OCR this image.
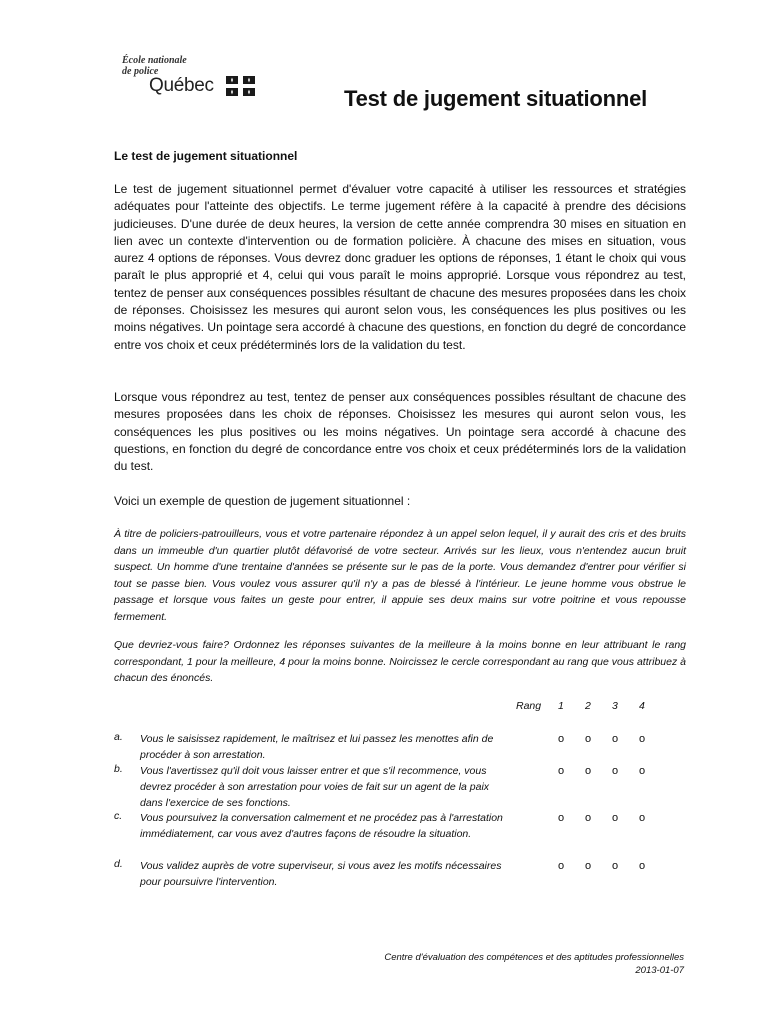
École nationale
de police
Québec
Test de jugement situationnel
Le test de jugement situationnel
Le test de jugement situationnel permet d'évaluer votre capacité à utiliser les ressources et stratégies adéquates pour l'atteinte des objectifs. Le terme jugement réfère à la capacité à prendre des décisions judicieuses. D'une durée de deux heures, la version de cette année comprendra 30 mises en situation en lien avec un contexte d'intervention ou de formation policière. À chacune des mises en situation, vous aurez 4 options de réponses. Vous devrez donc graduer les options de réponses, 1 étant le choix qui vous paraît le plus approprié et 4, celui qui vous paraît le moins approprié. Lorsque vous répondrez au test, tentez de penser aux conséquences possibles résultant de chacune des mesures proposées dans les choix de réponses. Choisissez les mesures qui auront selon vous, les conséquences les plus positives ou les moins négatives. Un pointage sera accordé à chacune des questions, en fonction du degré de concordance entre vos choix et ceux prédéterminés lors de la validation du test.
Lorsque vous répondrez au test, tentez de penser aux conséquences possibles résultant de chacune des mesures proposées dans les choix de réponses. Choisissez les mesures qui auront selon vous, les conséquences les plus positives ou les moins négatives. Un pointage sera accordé à chacune des questions, en fonction du degré de concordance entre vos choix et ceux prédéterminés lors de la validation du test.
Voici un exemple de question de jugement situationnel :
À titre de policiers-patrouilleurs, vous et votre partenaire répondez à un appel selon lequel, il y aurait des cris et des bruits dans un immeuble d'un quartier plutôt défavorisé de votre secteur. Arrivés sur les lieux, vous n'entendez aucun bruit suspect. Un homme d'une trentaine d'années se présente sur le pas de la porte. Vous demandez d'entrer pour vérifier si tout se passe bien. Vous voulez vous assurer qu'il n'y a pas de blessé à l'intérieur. Le jeune homme vous obstrue le passage et lorsque vous faites un geste pour entrer, il appuie ses deux mains sur votre poitrine et vous repousse fermement.
Que devriez-vous faire? Ordonnez les réponses suivantes de la meilleure à la moins bonne en leur attribuant le rang correspondant, 1 pour la meilleure, 4 pour la moins bonne. Noircissez le cercle correspondant au rang que vous attribuez à chacun des énoncés.
Rang 1 2 3 4
a. Vous le saisissez rapidement, le maîtrisez et lui passez les menottes afin de procéder à son arrestation.
o o o o
b. Vous l'avertissez qu'il doit vous laisser entrer et que s'il recommence, vous devrez procéder à son arrestation pour voies de fait sur un agent de la paix dans l'exercice de ses fonctions.
o o o o
c. Vous poursuivez la conversation calmement et ne procédez pas à l'arrestation immédiatement, car vous avez d'autres façons de résoudre la situation.
o o o o
d. Vous validez auprès de votre superviseur, si vous avez les motifs nécessaires pour poursuivre l'intervention.
o o o o
Centre d'évaluation des compétences et des aptitudes professionnelles
2013-01-07
